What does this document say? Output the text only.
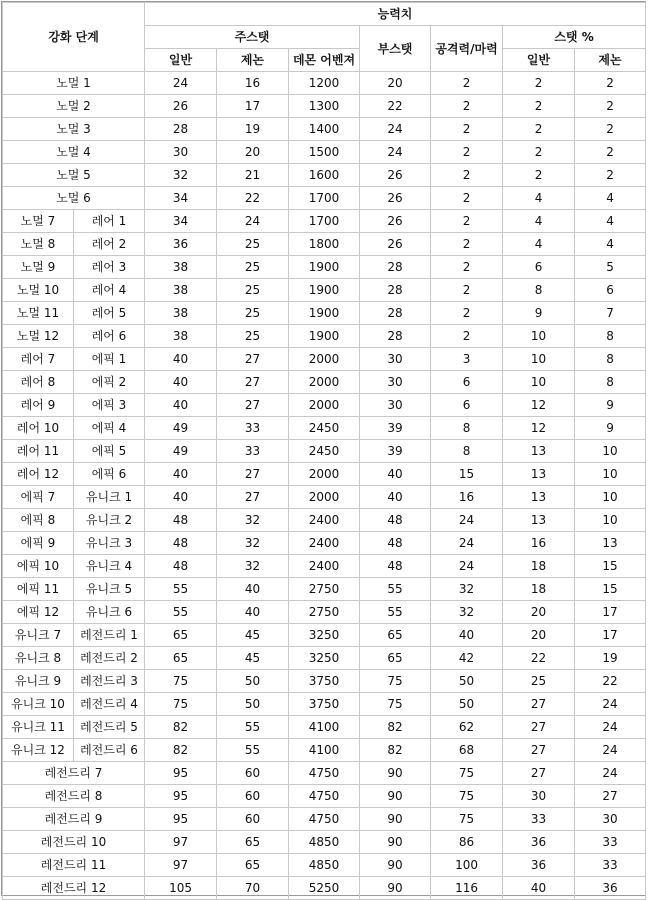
강화 단계		능력치						
		주스탯			부스탯	공격력/마력	스탯 %	
		일반	제논	데몬 어벤져			일반	제논
노멀 1		24	16	1200	20	2	2	2
노멀 2		26	17	1300	22	2	2	2
노멀 3		28	19	1400	24	2	2	2
노멀 4		30	20	1500	24	2	2	2
노멀 5		32	21	1600	26	2	2	2
노멀 6		34	22	1700	26	2	4	4
노멀 7	레어 1	34	24	1700	26	2	4	4
노멀 8	레어 2	36	25	1800	26	2	4	4
노멀 9	레어 3	38	25	1900	28	2	6	5
노멀 10	레어 4	38	25	1900	28	2	8	6
노멀 11	레어 5	38	25	1900	28	2	9	7
노멀 12	레어 6	38	25	1900	28	2	10	8
레어 7	에픽 1	40	27	2000	30	3	10	8
레어 8	에픽 2	40	27	2000	30	6	10	8
레어 9	에픽 3	40	27	2000	30	6	12	9
레어 10	에픽 4	49	33	2450	39	8	12	9
레어 11	에픽 5	49	33	2450	39	8	13	10
레어 12	에픽 6	40	27	2000	40	15	13	10
에픽 7	유니크 1	40	27	2000	40	16	13	10
에픽 8	유니크 2	48	32	2400	48	24	13	10
에픽 9	유니크 3	48	32	2400	48	24	16	13
에픽 10	유니크 4	48	32	2400	48	24	18	15
에픽 11	유니크 5	55	40	2750	55	32	18	15
에픽 12	유니크 6	55	40	2750	55	32	20	17
유니크 7	레전드리 1	65	45	3250	65	40	20	17
유니크 8	레전드리 2	65	45	3250	65	42	22	19
유니크 9	레전드리 3	75	50	3750	75	50	25	22
유니크 10	레전드리 4	75	50	3750	75	50	27	24
유니크 11	레전드리 5	82	55	4100	82	62	27	24
유니크 12	레전드리 6	82	55	4100	82	68	27	24
레전드리 7		95	60	4750	90	75	27	24
레전드리 8		95	60	4750	90	75	30	27
레전드리 9		95	60	4750	90	75	33	30
레전드리 10		97	65	4850	90	86	36	33
레전드리 11		97	65	4850	90	100	36	33
레전드리 12		105	70	5250	90	116	40	36
